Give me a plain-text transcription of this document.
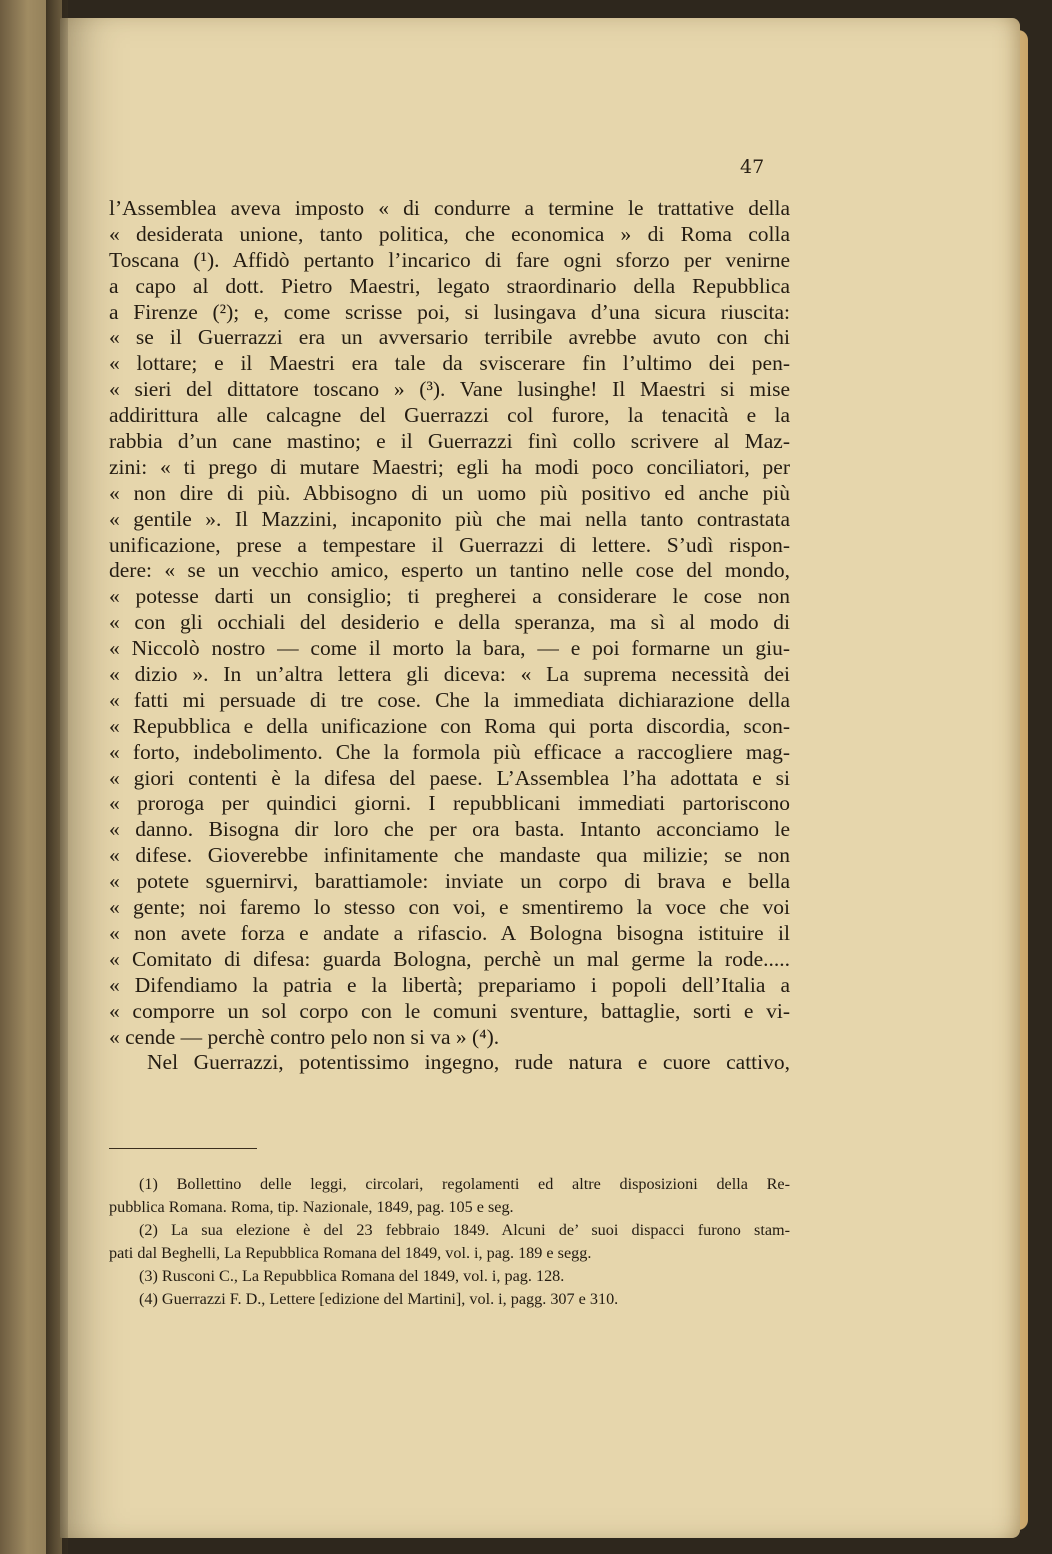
47
l’Assemblea aveva imposto « di condurre a termine le trattative della
« desiderata unione, tanto politica, che economica » di Roma colla
Toscana (¹). Affidò pertanto l’incarico di fare ogni sforzo per venirne
a capo al dott. Pietro Maestri, legato straordinario della Repubblica
a Firenze (²); e, come scrisse poi, si lusingava d’una sicura riuscita:
« se il Guerrazzi era un avversario terribile avrebbe avuto con chi
« lottare; e il Maestri era tale da sviscerare fin l’ultimo dei pen-
« sieri del dittatore toscano » (³). Vane lusinghe! Il Maestri si mise
addirittura alle calcagne del Guerrazzi col furore, la tenacità e la
rabbia d’un cane mastino; e il Guerrazzi finì collo scrivere al Maz-
zini: « ti prego di mutare Maestri; egli ha modi poco conciliatori, per
« non dire di più. Abbisogno di un uomo più positivo ed anche più
« gentile ». Il Mazzini, incaponito più che mai nella tanto contrastata
unificazione, prese a tempestare il Guerrazzi di lettere. S’udì rispon-
dere: « se un vecchio amico, esperto un tantino nelle cose del mondo,
« potesse darti un consiglio; ti pregherei a considerare le cose non
« con gli occhiali del desiderio e della speranza, ma sì al modo di
« Niccolò nostro — come il morto la bara, — e poi formarne un giu-
« dizio ». In un’altra lettera gli diceva: « La suprema necessità dei
« fatti mi persuade di tre cose. Che la immediata dichiarazione della
« Repubblica e della unificazione con Roma qui porta discordia, scon-
« forto, indebolimento. Che la formola più efficace a raccogliere mag-
« giori contenti è la difesa del paese. L’Assemblea l’ha adottata e si
« proroga per quindici giorni. I repubblicani immediati partoriscono
« danno. Bisogna dir loro che per ora basta. Intanto acconciamo le
« difese. Gioverebbe infinitamente che mandaste qua milizie; se non
« potete sguernirvi, barattiamole: inviate un corpo di brava e bella
« gente; noi faremo lo stesso con voi, e smentiremo la voce che voi
« non avete forza e andate a rifascio. A Bologna bisogna istituire il
« Comitato di difesa: guarda Bologna, perchè un mal germe la rode.....
« Difendiamo la patria e la libertà; prepariamo i popoli dell’Italia a
« comporre un sol corpo con le comuni sventure, battaglie, sorti e vi-
« cende — perchè contro pelo non si va » (⁴).
Nel Guerrazzi, potentissimo ingegno, rude natura e cuore cattivo,
(1) Bollettino delle leggi, circolari, regolamenti ed altre disposizioni della Re-
pubblica Romana. Roma, tip. Nazionale, 1849, pag. 105 e seg.
(2) La sua elezione è del 23 febbraio 1849. Alcuni de’ suoi dispacci furono stam-
pati dal Beghelli, La Repubblica Romana del 1849, vol. i, pag. 189 e segg.
(3) Rusconi C., La Repubblica Romana del 1849, vol. i, pag. 128.
(4) Guerrazzi F. D., Lettere [edizione del Martini], vol. i, pagg. 307 e 310.
